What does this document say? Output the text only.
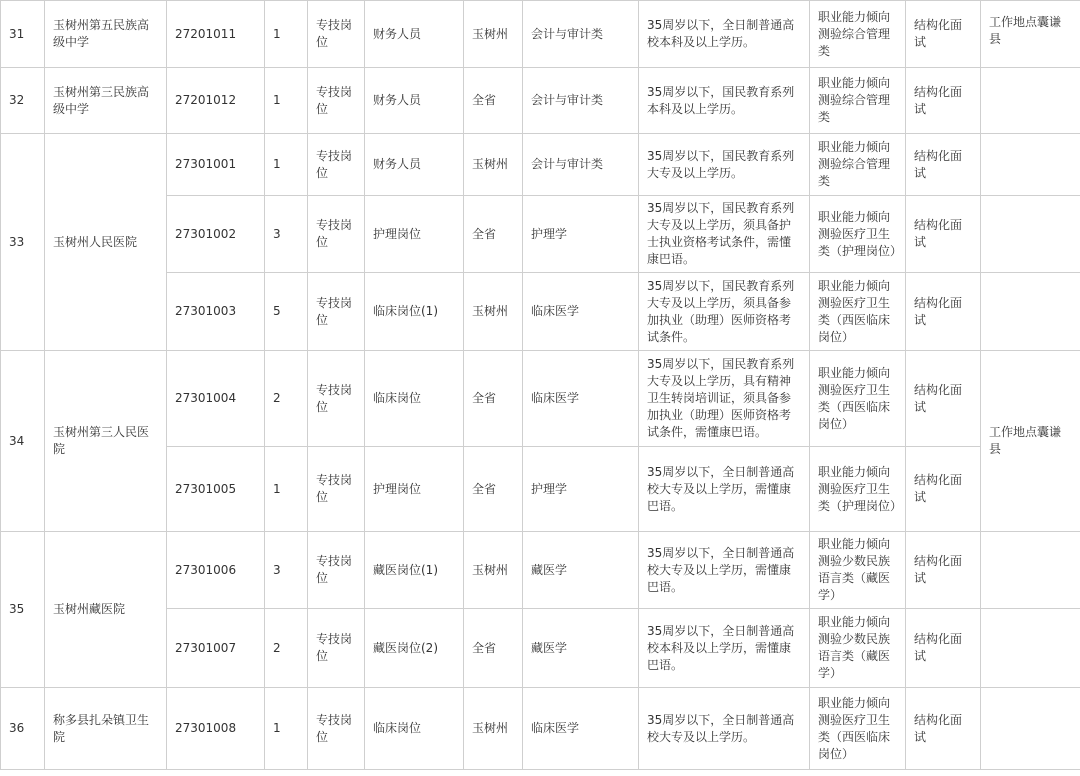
31	玉树州第五民族高级中学	27201011	1	专技岗位	财务人员	玉树州	会计与审计类	35周岁以下，全日制普通高校本科及以上学历。	职业能力倾向测验综合管理类	结构化面试	工作地点囊谦县
32	玉树州第三民族高级中学	27201012	1	专技岗位	财务人员	全省	会计与审计类	35周岁以下，国民教育系列本科及以上学历。	职业能力倾向测验综合管理类	结构化面试	
33	玉树州人民医院	27301001	1	专技岗位	财务人员	玉树州	会计与审计类	35周岁以下，国民教育系列大专及以上学历。	职业能力倾向测验综合管理类	结构化面试	
		27301002	3	专技岗位	护理岗位	全省	护理学	35周岁以下，国民教育系列大专及以上学历，须具备护士执业资格考试条件，需懂康巴语。	职业能力倾向测验医疗卫生类（护理岗位）	结构化面试	
		27301003	5	专技岗位	临床岗位(1)	玉树州	临床医学	35周岁以下，国民教育系列大专及以上学历，须具备参加执业（助理）医师资格考试条件。	职业能力倾向测验医疗卫生类（西医临床岗位）	结构化面试	
34	玉树州第三人民医院	27301004	2	专技岗位	临床岗位	全省	临床医学	35周岁以下，国民教育系列大专及以上学历，具有精神卫生转岗培训证，须具备参加执业（助理）医师资格考试条件，需懂康巴语。	职业能力倾向测验医疗卫生类（西医临床岗位）	结构化面试	工作地点囊谦县
		27301005	1	专技岗位	护理岗位	全省	护理学	35周岁以下，全日制普通高校大专及以上学历，需懂康巴语。	职业能力倾向测验医疗卫生类（护理岗位）	结构化面试	
35	玉树州藏医院	27301006	3	专技岗位	藏医岗位(1)	玉树州	藏医学	35周岁以下，全日制普通高校大专及以上学历，需懂康巴语。	职业能力倾向测验少数民族语言类（藏医学）	结构化面试	
		27301007	2	专技岗位	藏医岗位(2)	全省	藏医学	35周岁以下，全日制普通高校本科及以上学历，需懂康巴语。	职业能力倾向测验少数民族语言类（藏医学）	结构化面试	
36	称多县扎朵镇卫生院	27301008	1	专技岗位	临床岗位	玉树州	临床医学	35周岁以下，全日制普通高校大专及以上学历。	职业能力倾向测验医疗卫生类（西医临床岗位）	结构化面试	
